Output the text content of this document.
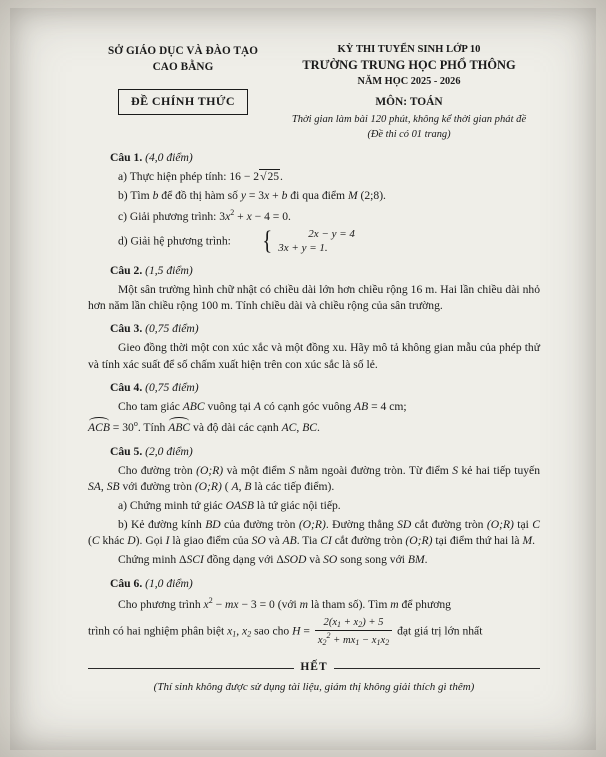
SỞ GIÁO DỤC VÀ ĐÀO TẠO
CAO BẰNG
ĐỀ CHÍNH THỨC
KỲ THI TUYỂN SINH LỚP 10
TRƯỜNG TRUNG HỌC PHỔ THÔNG
NĂM HỌC 2025 - 2026
MÔN: TOÁN
Thời gian làm bài 120 phút, không kể thời gian phát đề
(Đề thi có 01 trang)
Câu 1. (4,0 điểm)
a) Thực hiện phép tính: 16 − 2√25.
b) Tìm b để đồ thị hàm số y = 3x + b đi qua điểm M (2;8).
c) Giải phương trình: $3x^2 + x - 4 = 0$.
d) Giải hệ phương trình:	{	2x − y = 4
3x + y = 1.
Câu 2. (1,5 điểm)
Một sân trường hình chữ nhật có chiều dài lớn hơn chiều rộng 16 m. Hai lần chiều dài nhỏ hơn năm lần chiều rộng 100 m. Tính chiều dài và chiều rộng của sân trường.
Câu 3. (0,75 điểm)
Gieo đồng thời một con xúc xắc và một đồng xu. Hãy mô tả không gian mẫu của phép thử và tính xác suất để số chấm xuất hiện trên con xúc sắc là số lẻ.
Câu 4. (0,75 điểm)
Cho tam giác ABC vuông tại A có cạnh góc vuông AB = 4 cm;
ACB = $30^o$. Tính ABC và độ dài các cạnh AC, BC.
Câu 5. (2,0 điểm)
Cho đường tròn (O;R) và một điểm S nằm ngoài đường tròn. Từ điểm S kẻ hai tiếp tuyến SA, SB với đường tròn (O;R) ( A, B là các tiếp điểm).
a) Chứng minh tứ giác OASB là tứ giác nội tiếp.
b) Kẻ đường kính BD của đường tròn (O;R). Đường thẳng SD cắt đường tròn (O;R) tại C (C khác D). Gọi I là giao điểm của SO và AB. Tia CI cắt đường tròn (O;R) tại điểm thứ hai là M.
Chứng minh ΔSCI đồng dạng với ΔSOD và SO song song với BM.
Câu 6. (1,0 điểm)
Cho phương trình $x^2$ − mx − 3 = 0 (với m là tham số). Tìm m để phương
trình có hai nghiệm phân biệt $x_1$, $x_2$ sao cho $H = \frac{2(x_1 + x_2) + 5}{x_2^2 + mx_1 - x_1x_2}$ đạt giá trị lớn nhất
HẾT
(Thí sinh không được sử dụng tài liệu, giám thị không giải thích gì thêm)
